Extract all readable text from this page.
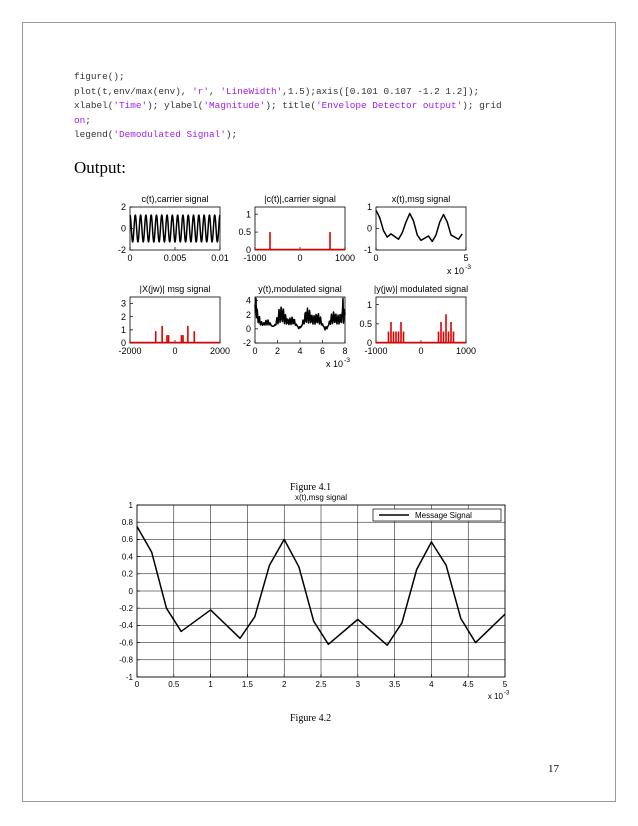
figure();
plot(t,env/max(env), 'r', 'LineWidth',1.5);axis([0.101 0.107 -1.2 1.2]);
xlabel('Time'); ylabel('Magnitude'); title('Envelope Detector output'); grid
on;
legend('Demodulated Signal');
Output:
0	0.005	0.01
-2
0
2
c(t),carrier signal
-1000	0	1000
0
0.5
1
|c(t)|,carrier signal
0	5
-1
0
1
x(t),msg signal
x 10 -3
-2000	0	2000
0
1
2
3
|X(jw)| msg signal
0 2 4 6 8
-2
0
2
4
y(t),modulated signal
x 10 -3
-1000	0	1000
0
0.5
1
|y(jw)| modulated signal
Figure 4.1
0	0.5	1	1.5	2	2.5	3	3.5	4	4.5	5
-1
-0.8
-0.6
-0.4
-0.2
0
0.2
0.4
0.6
0.8
1
x(t),msg signal
Message Signal
x 10 -3
Figure 4.2
17
